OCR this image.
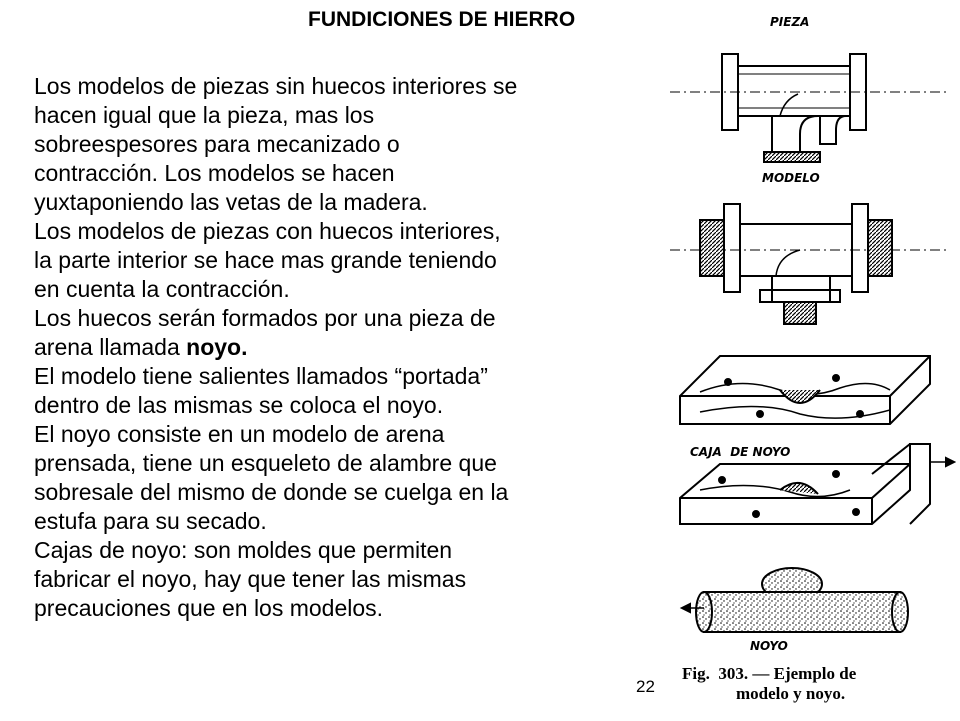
FUNDICIONES DE HIERRO
Los modelos de piezas sin huecos interiores se
hacen igual que la pieza, mas los
sobreespesores para mecanizado o
contracción. Los modelos se hacen
yuxtaponiendo las vetas de la madera.
Los modelos de piezas con huecos interiores,
la parte interior se hace mas grande teniendo
en cuenta la contracción.
Los huecos serán formados por una pieza de
arena llamada noyo.
El modelo tiene salientes llamados “portada”
dentro de las mismas se coloca el noyo.
El noyo consiste en un modelo de arena
prensada, tiene un esqueleto de alambre que
sobresale del mismo de donde se cuelga en la
estufa para su secado.
Cajas de noyo: son moldes que permiten
fabricar el noyo, hay que tener las mismas
precauciones que en los modelos.
22
PIEZA
MODELO
CAJA  DE NOYO
NOYO
Fig.  303. — Ejemplo de
modelo y noyo.
